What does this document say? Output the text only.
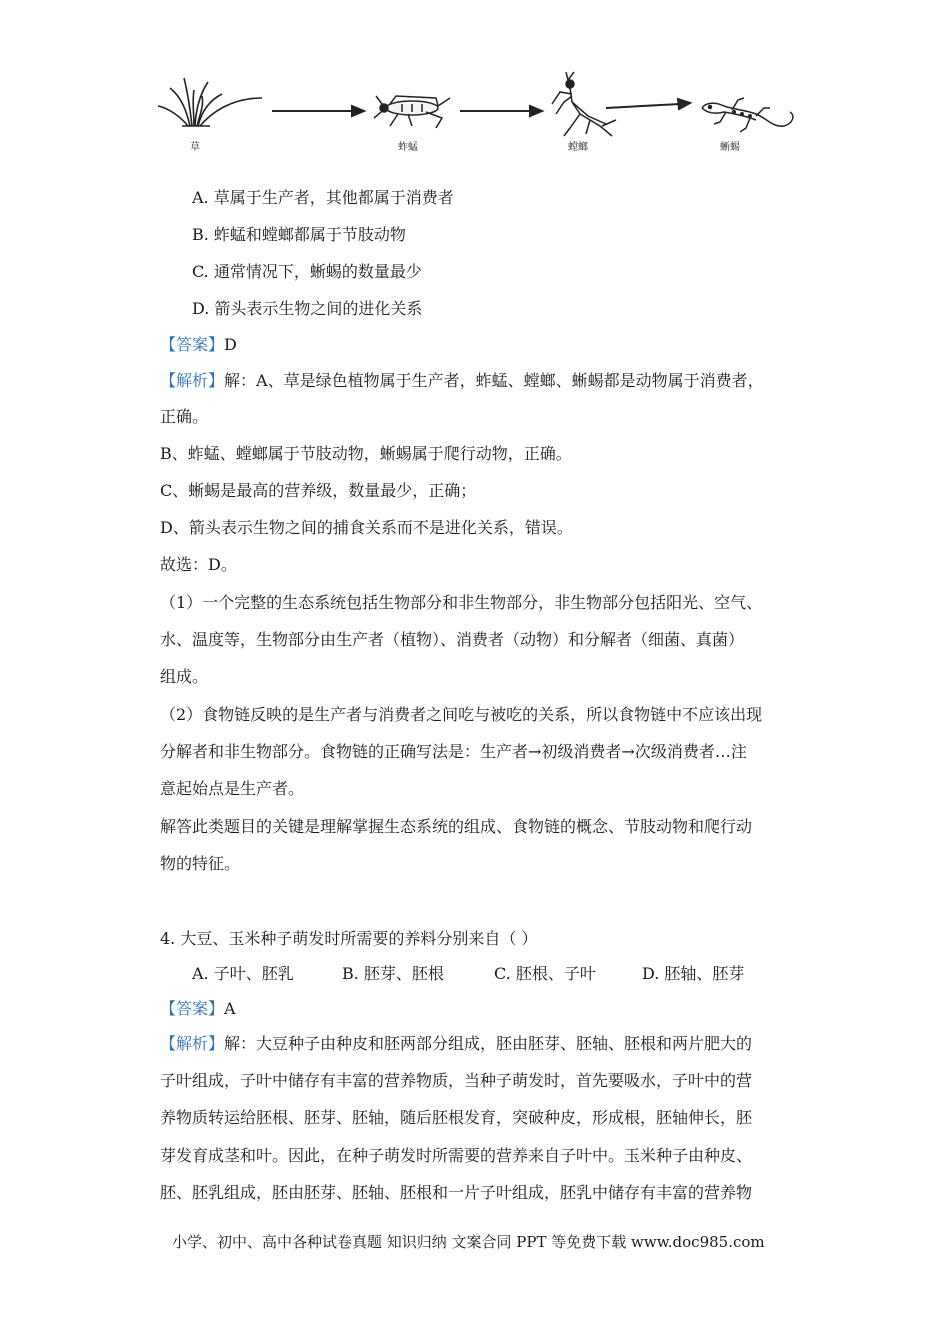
草	蚱蜢	螳螂	蜥蜴
A. 草属于生产者，其他都属于消费者
B. 蚱蜢和螳螂都属于节肢动物
C. 通常情况下，蜥蜴的数量最少
D. 箭头表示生物之间的进化关系
【答案】D
【解析】解：A、草是绿色植物属于生产者，蚱蜢、螳螂、蜥蜴都是动物属于消费者，
正确。
B、蚱蜢、螳螂属于节肢动物，蜥蜴属于爬行动物，正确。
C、蜥蜴是最高的营养级，数量最少，正确；
D、箭头表示生物之间的捕食关系而不是进化关系，错误。
故选：D。
（1）一个完整的生态系统包括生物部分和非生物部分，非生物部分包括阳光、空气、
水、温度等，生物部分由生产者（植物）、消费者（动物）和分解者（细菌、真菌）
组成。
（2）食物链反映的是生产者与消费者之间吃与被吃的关系，所以食物链中不应该出现
分解者和非生物部分。食物链的正确写法是：生产者→初级消费者→次级消费者…注
意起始点是生产者。
解答此类题目的关键是理解掌握生态系统的组成、食物链的概念、节肢动物和爬行动
物的特征。
4. 大豆、玉米种子萌发时所需要的养料分别来自（ ）
A. 子叶、胚乳	B. 胚芽、胚根	C. 胚根、子叶	D. 胚轴、胚芽
【答案】A
【解析】解：大豆种子由种皮和胚两部分组成，胚由胚芽、胚轴、胚根和两片肥大的
子叶组成，子叶中储存有丰富的营养物质，当种子萌发时，首先要吸水，子叶中的营
养物质转运给胚根、胚芽、胚轴，随后胚根发育，突破种皮，形成根，胚轴伸长，胚
芽发育成茎和叶。因此，在种子萌发时所需要的营养来自子叶中。玉米种子由种皮、
胚、胚乳组成，胚由胚芽、胚轴、胚根和一片子叶组成，胚乳中储存有丰富的营养物
小学、初中、高中各种试卷真题 知识归纳 文案合同 PPT 等免费下载 www.doc985.com
